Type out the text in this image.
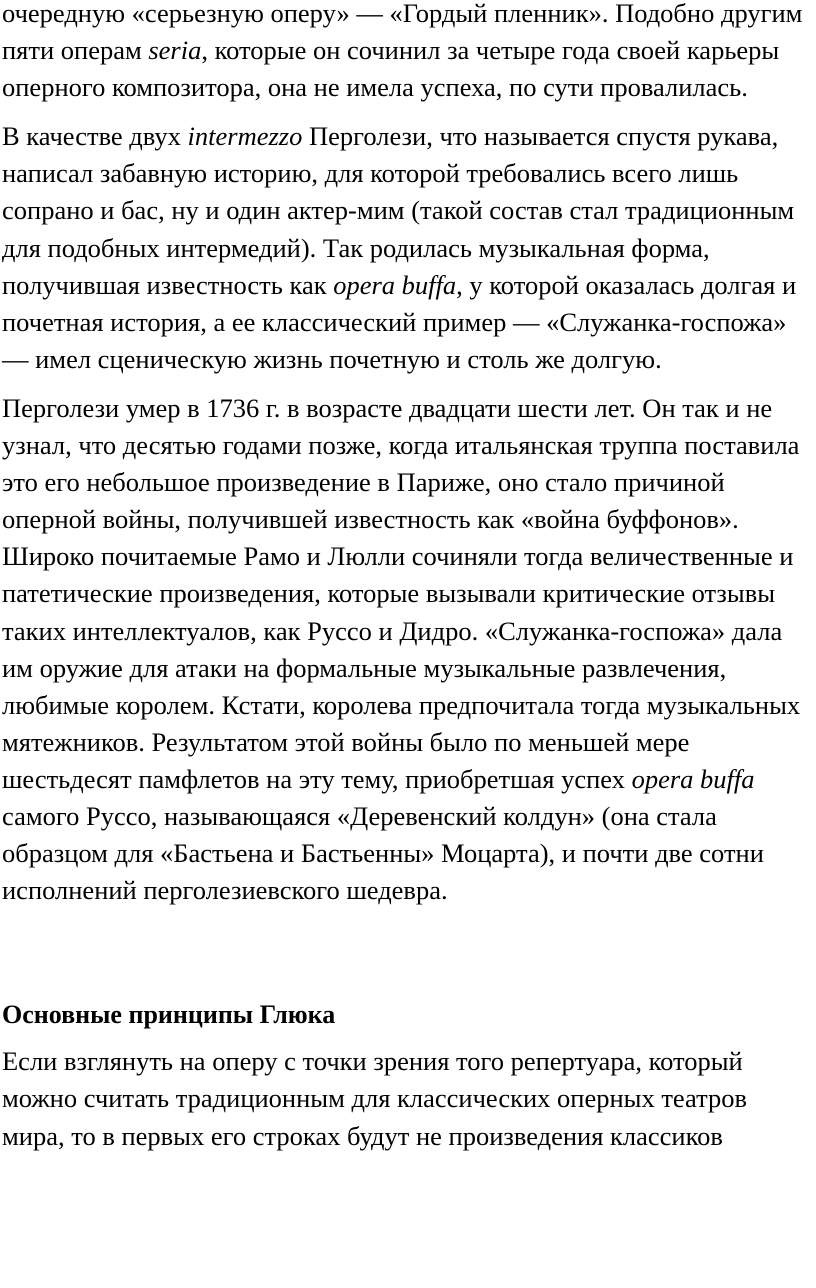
очередную «серьезную оперу» — «Гордый пленник». Подобно другим пяти операм seria, которые он сочинил за четыре года своей карьеры оперного композитора, она не имела успеха, по сути провалилась.

В качестве двух intermezzo Перголези, что называется спустя рукава, написал забавную историю, для которой требовались всего лишь сопрано и бас, ну и один актер-мим (такой состав стал традиционным для подобных интермедий). Так родилась музыкальная форма, получившая известность как opera buffa, у которой оказалась долгая и почетная история, а ее классический пример — «Служанка-госпожа» — имел сценическую жизнь почетную и столь же долгую.

Перголези умер в 1736 г. в возрасте двадцати шести лет. Он так и не узнал, что десятью годами позже, когда итальянская труппа поставила это его небольшое произведение в Париже, оно стало причиной оперной войны, получившей известность как «война буффонов». Широко почитаемые Рамо и Люлли сочиняли тогда величественные и патетические произведения, которые вызывали критические отзывы таких интеллектуалов, как Руссо и Дидро. «Служанка-госпожа» дала им оружие для атаки на формальные музыкальные развлечения, любимые королем. Кстати, королева предпочитала тогда музыкальных мятежников. Результатом этой войны было по меньшей мере шестьдесят памфлетов на эту тему, приобретшая успех opera buffa самого Руссо, называющаяся «Деревенский колдун» (она стала образцом для «Бастьена и Бастьенны» Моцарта), и почти две сотни исполнений перголезиевского шедевра.

Основные принципы Глюка

Если взглянуть на оперу с точки зрения того репертуара, который можно считать традиционным для классических оперных театров мира, то в первых его строках будут не произведения классиков
